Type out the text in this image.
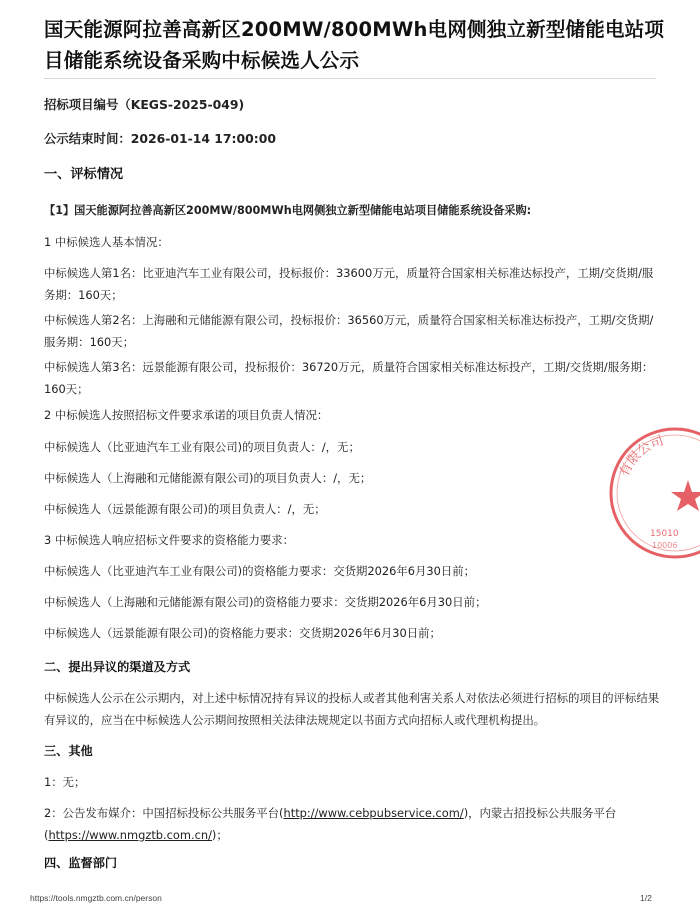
国天能源阿拉善高新区200MW/800MWh电网侧独立新型储能电站项目储能系统设备采购中标候选人公示
招标项目编号（KEGS-2025-049)
公示结束时间：2026-01-14 17:00:00
一、评标情况
【1】国天能源阿拉善高新区200MW/800MWh电网侧独立新型储能电站项目储能系统设备采购:
1 中标候选人基本情况：
中标候选人第1名：比亚迪汽车工业有限公司，投标报价：33600万元，质量符合国家相关标准达标投产，工期/交货期/服务期：160天；
中标候选人第2名：上海融和元储能源有限公司，投标报价：36560万元，质量符合国家相关标准达标投产，工期/交货期/服务期：160天；
中标候选人第3名：远景能源有限公司，投标报价：36720万元，质量符合国家相关标准达标投产，工期/交货期/服务期：160天；
2 中标候选人按照招标文件要求承诺的项目负责人情况：
中标候选人（比亚迪汽车工业有限公司)的项目负责人：/，无；
中标候选人（上海融和元储能源有限公司)的项目负责人：/，无；
中标候选人（远景能源有限公司)的项目负责人：/，无；
3 中标候选人响应招标文件要求的资格能力要求：
中标候选人（比亚迪汽车工业有限公司)的资格能力要求：交货期2026年6月30日前；
中标候选人（上海融和元储能源有限公司)的资格能力要求：交货期2026年6月30日前；
中标候选人（远景能源有限公司)的资格能力要求：交货期2026年6月30日前；
二、提出异议的渠道及方式
中标候选人公示在公示期内，对上述中标情况持有异议的投标人或者其他利害关系人对依法必须进行招标的项目的评标结果有异议的，应当在中标候选人公示期间按照相关法律法规规定以书面方式向招标人或代理机构提出。
三、其他
1：无；
2：公告发布媒介：中国招标投标公共服务平台(http://www.cebpubservice.com/)，内蒙古招投标公共服务平台(https://www.nmgztb.com.cn/)；
四、监督部门
https://tools.nmgztb.com.cn/person	1/2
有限公司
15010
10006
